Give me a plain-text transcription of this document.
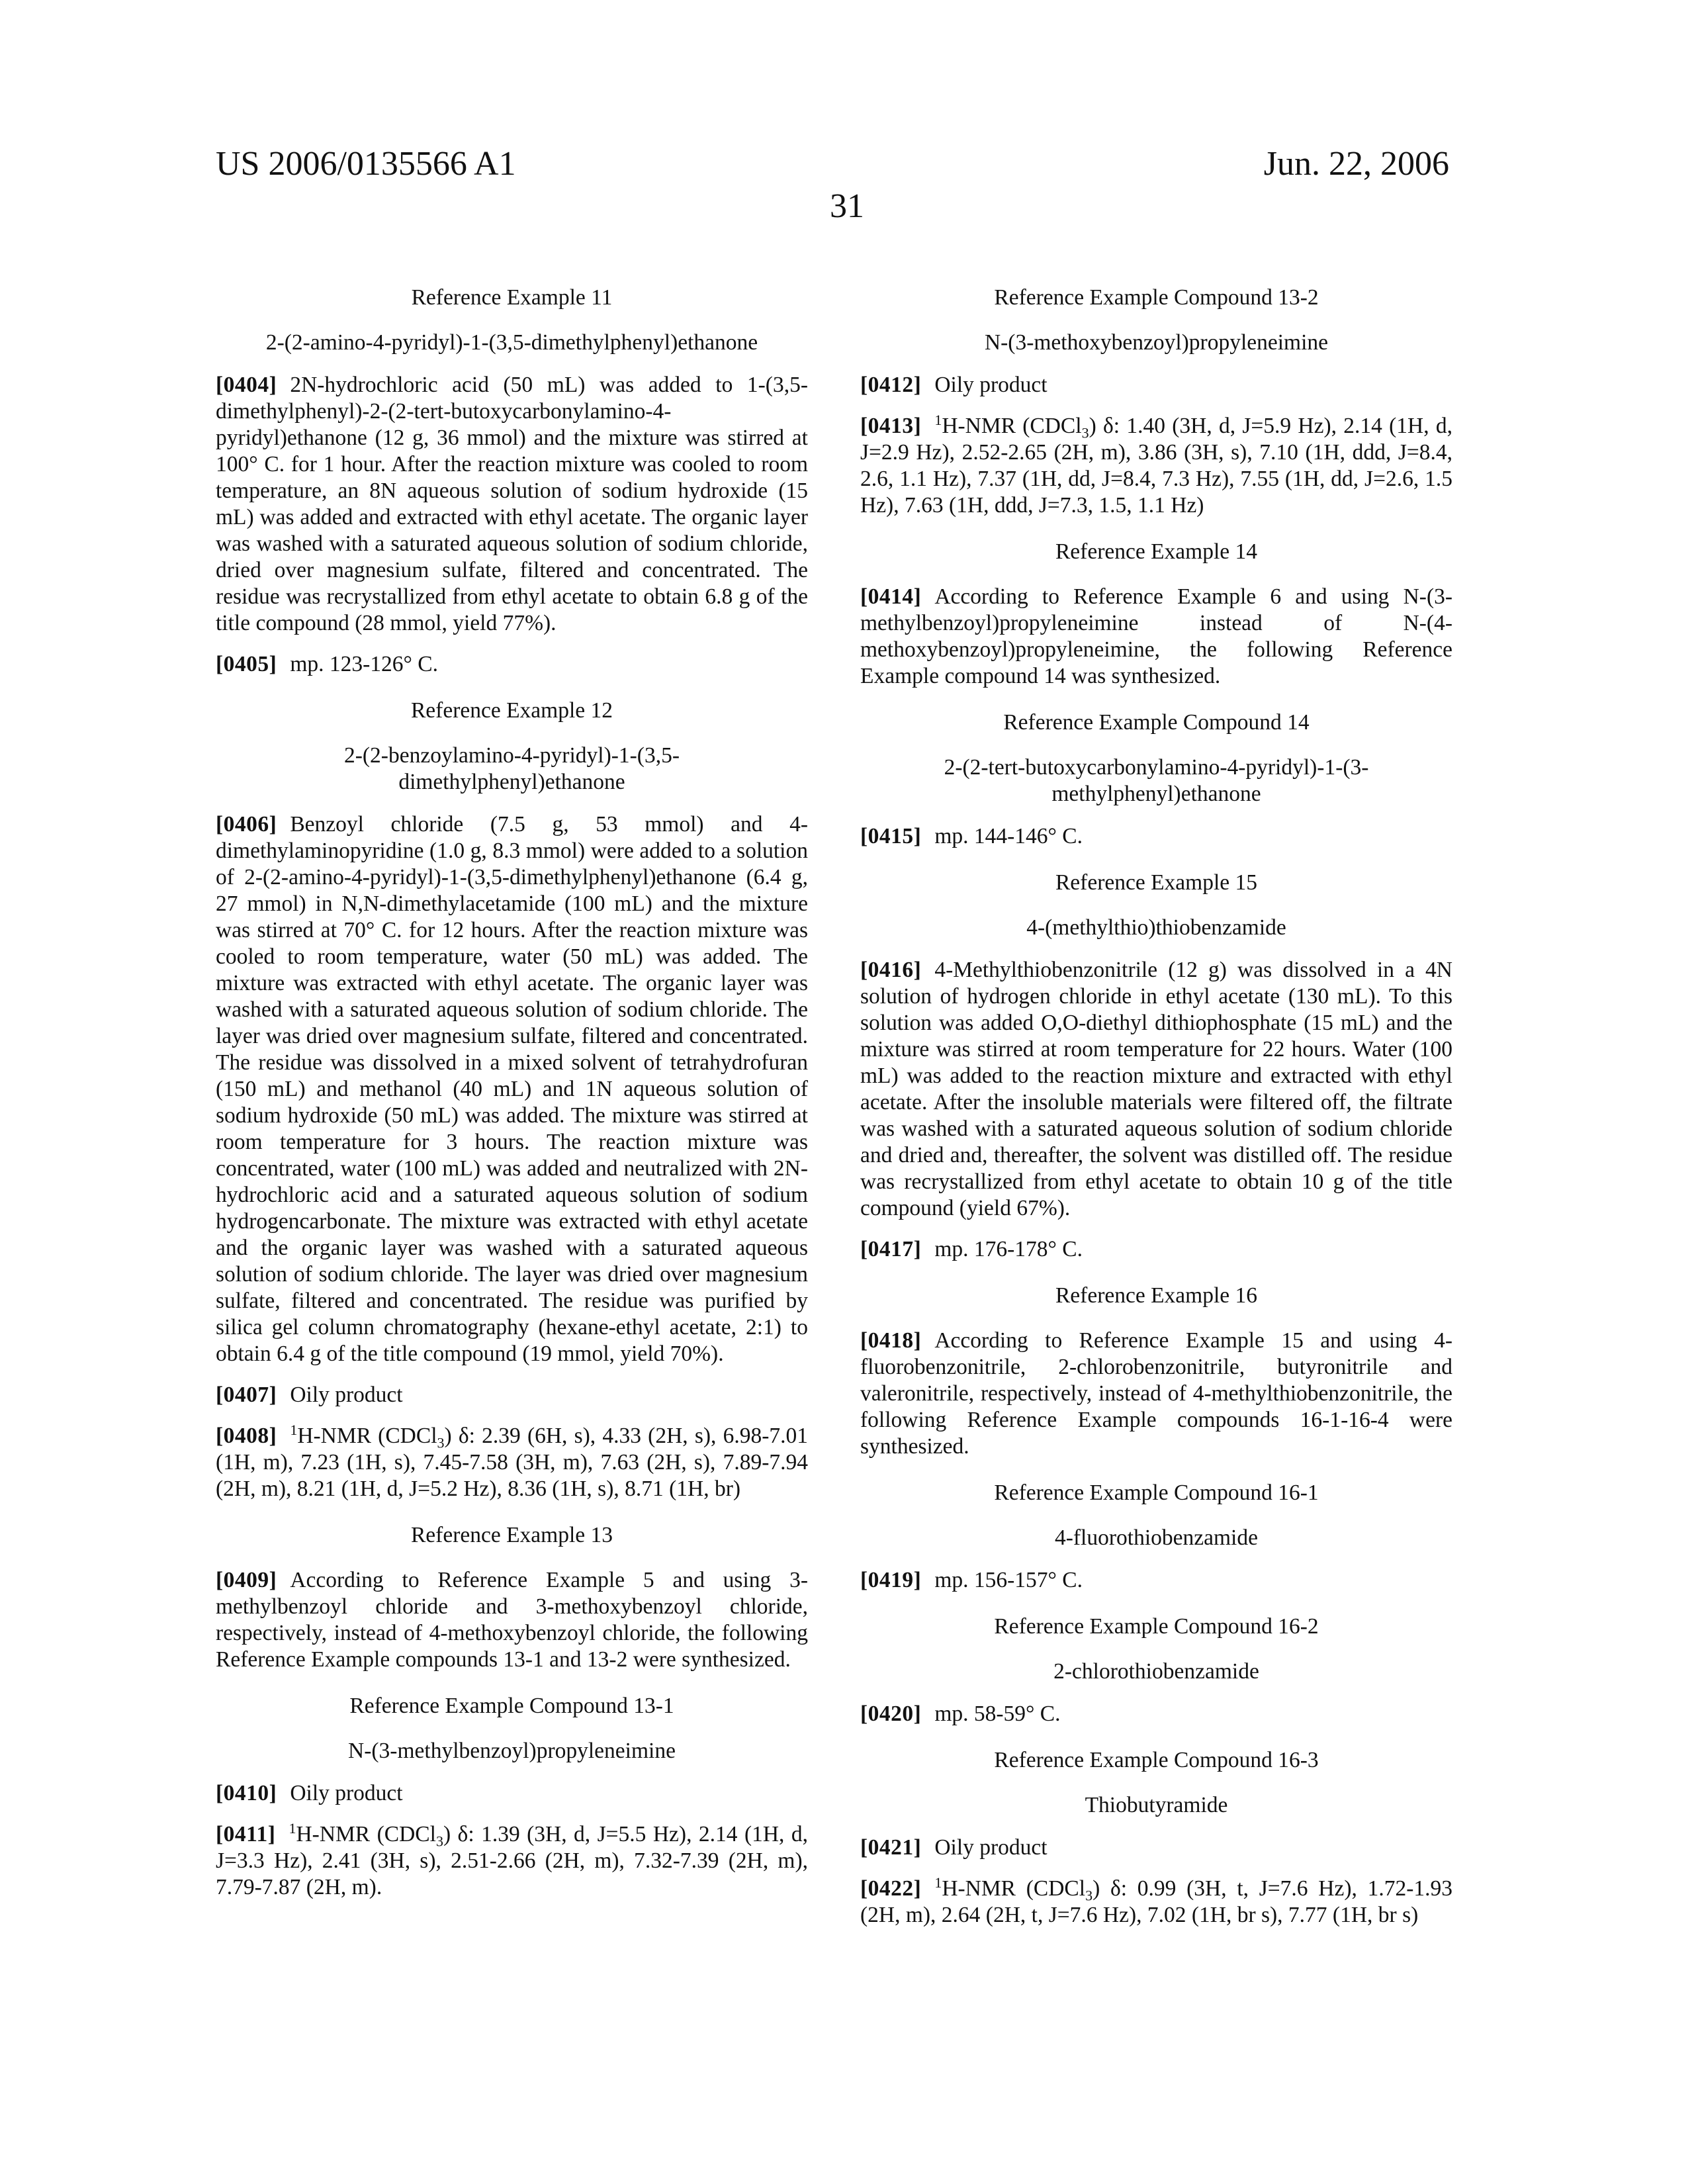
US 2006/0135566 A1	Jun. 22, 2006
31
Reference Example 11
2-(2-amino-4-pyridyl)-1-(3,5-dimethylphenyl)ethanone
[0404] 2N-hydrochloric acid (50 mL) was added to 1-(3,5-dimethylphenyl)-2-(2-tert-butoxycarbonylamino-4-pyridyl)ethanone (12 g, 36 mmol) and the mixture was stirred at 100° C. for 1 hour. After the reaction mixture was cooled to room temperature, an 8N aqueous solution of sodium hydroxide (15 mL) was added and extracted with ethyl acetate. The organic layer was washed with a saturated aqueous solution of sodium chloride, dried over magnesium sulfate, filtered and concentrated. The residue was recrystallized from ethyl acetate to obtain 6.8 g of the title compound (28 mmol, yield 77%).
[0405] mp. 123-126° C.
Reference Example 12
2-(2-benzoylamino-4-pyridyl)-1-(3,5-dimethylphenyl)ethanone
[0406] Benzoyl chloride (7.5 g, 53 mmol) and 4-dimethylaminopyridine (1.0 g, 8.3 mmol) were added to a solution of 2-(2-amino-4-pyridyl)-1-(3,5-dimethylphenyl)ethanone (6.4 g, 27 mmol) in N,N-dimethylacetamide (100 mL) and the mixture was stirred at 70° C. for 12 hours. After the reaction mixture was cooled to room temperature, water (50 mL) was added. The mixture was extracted with ethyl acetate. The organic layer was washed with a saturated aqueous solution of sodium chloride. The layer was dried over magnesium sulfate, filtered and concentrated. The residue was dissolved in a mixed solvent of tetrahydrofuran (150 mL) and methanol (40 mL) and 1N aqueous solution of sodium hydroxide (50 mL) was added. The mixture was stirred at room temperature for 3 hours. The reaction mixture was concentrated, water (100 mL) was added and neutralized with 2N-hydrochloric acid and a saturated aqueous solution of sodium hydrogencarbonate. The mixture was extracted with ethyl acetate and the organic layer was washed with a saturated aqueous solution of sodium chloride. The layer was dried over magnesium sulfate, filtered and concentrated. The residue was purified by silica gel column chromatography (hexane-ethyl acetate, 2:1) to obtain 6.4 g of the title compound (19 mmol, yield 70%).
[0407] Oily product
[0408] 1H-NMR (CDCl3) δ: 2.39 (6H, s), 4.33 (2H, s), 6.98-7.01 (1H, m), 7.23 (1H, s), 7.45-7.58 (3H, m), 7.63 (2H, s), 7.89-7.94 (2H, m), 8.21 (1H, d, J=5.2 Hz), 8.36 (1H, s), 8.71 (1H, br)
Reference Example 13
[0409] According to Reference Example 5 and using 3-methylbenzoyl chloride and 3-methoxybenzoyl chloride, respectively, instead of 4-methoxybenzoyl chloride, the following Reference Example compounds 13-1 and 13-2 were synthesized.
Reference Example Compound 13-1
N-(3-methylbenzoyl)propyleneimine
[0410] Oily product
[0411] 1H-NMR (CDCl3) δ: 1.39 (3H, d, J=5.5 Hz), 2.14 (1H, d, J=3.3 Hz), 2.41 (3H, s), 2.51-2.66 (2H, m), 7.32-7.39 (2H, m), 7.79-7.87 (2H, m).
Reference Example Compound 13-2
N-(3-methoxybenzoyl)propyleneimine
[0412] Oily product
[0413] 1H-NMR (CDCl3) δ: 1.40 (3H, d, J=5.9 Hz), 2.14 (1H, d, J=2.9 Hz), 2.52-2.65 (2H, m), 3.86 (3H, s), 7.10 (1H, ddd, J=8.4, 2.6, 1.1 Hz), 7.37 (1H, dd, J=8.4, 7.3 Hz), 7.55 (1H, dd, J=2.6, 1.5 Hz), 7.63 (1H, ddd, J=7.3, 1.5, 1.1 Hz)
Reference Example 14
[0414] According to Reference Example 6 and using N-(3-methylbenzoyl)propyleneimine instead of N-(4-methoxybenzoyl)propyleneimine, the following Reference Example compound 14 was synthesized.
Reference Example Compound 14
2-(2-tert-butoxycarbonylamino-4-pyridyl)-1-(3-methylphenyl)ethanone
[0415] mp. 144-146° C.
Reference Example 15
4-(methylthio)thiobenzamide
[0416] 4-Methylthiobenzonitrile (12 g) was dissolved in a 4N solution of hydrogen chloride in ethyl acetate (130 mL). To this solution was added O,O-diethyl dithiophosphate (15 mL) and the mixture was stirred at room temperature for 22 hours. Water (100 mL) was added to the reaction mixture and extracted with ethyl acetate. After the insoluble materials were filtered off, the filtrate was washed with a saturated aqueous solution of sodium chloride and dried and, thereafter, the solvent was distilled off. The residue was recrystallized from ethyl acetate to obtain 10 g of the title compound (yield 67%).
[0417] mp. 176-178° C.
Reference Example 16
[0418] According to Reference Example 15 and using 4-fluorobenzonitrile, 2-chlorobenzonitrile, butyronitrile and valeronitrile, respectively, instead of 4-methylthiobenzonitrile, the following Reference Example compounds 16-1-16-4 were synthesized.
Reference Example Compound 16-1
4-fluorothiobenzamide
[0419] mp. 156-157° C.
Reference Example Compound 16-2
2-chlorothiobenzamide
[0420] mp. 58-59° C.
Reference Example Compound 16-3
Thiobutyramide
[0421] Oily product
[0422] 1H-NMR (CDCl3) δ: 0.99 (3H, t, J=7.6 Hz), 1.72-1.93 (2H, m), 2.64 (2H, t, J=7.6 Hz), 7.02 (1H, br s), 7.77 (1H, br s)
